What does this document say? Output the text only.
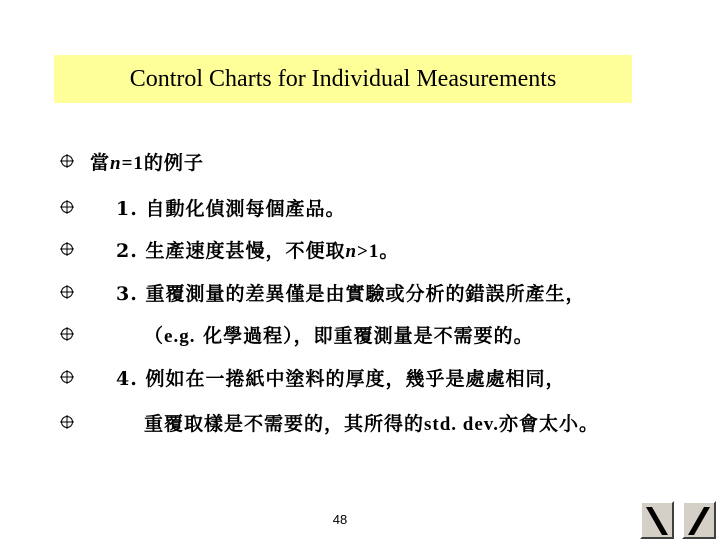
Control Charts for Individual Measurements
當n=1的例子
1. 自動化偵測每個產品。
2. 生產速度甚慢，不便取n>1。
3. 重覆測量的差異僅是由實驗或分析的錯誤所產生，
（e.g. 化學過程），即重覆測量是不需要的。
4. 例如在一捲紙中塗料的厚度，幾乎是處處相同，
重覆取樣是不需要的，其所得的std. dev.亦會太小。
48
